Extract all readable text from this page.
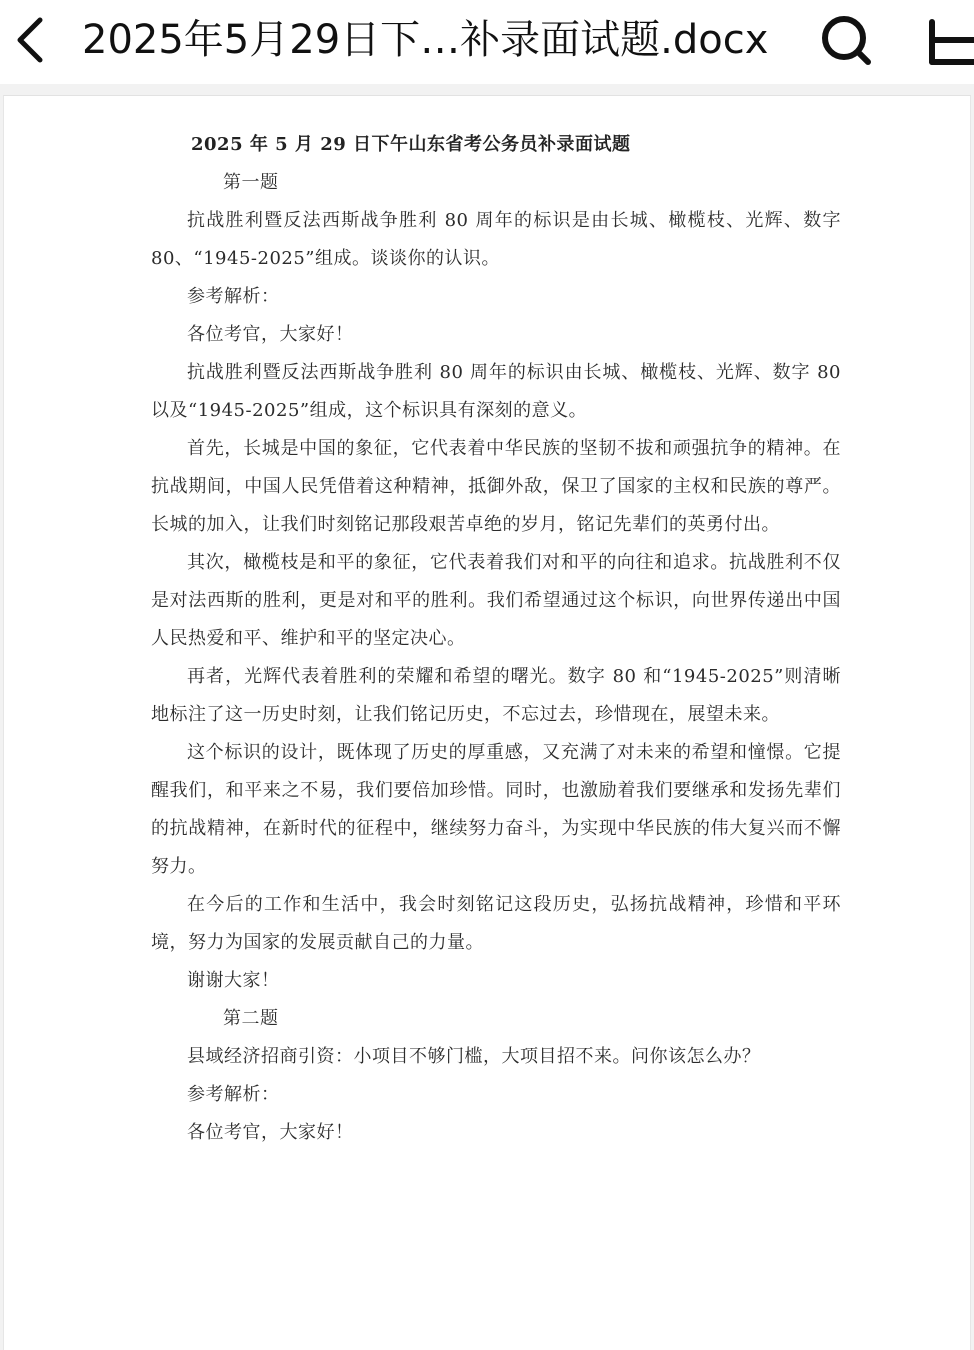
2025年5月29日下…补录面试题.docx

2025 年 5 月 29 日下午山东省考公务员补录面试题

第一题

抗战胜利暨反法西斯战争胜利 80 周年的标识是由长城、橄榄枝、光辉、数字 80、“1945-2025”组成。谈谈你的认识。

参考解析：

各位考官，大家好！

抗战胜利暨反法西斯战争胜利 80 周年的标识由长城、橄榄枝、光辉、数字 80 以及“1945-2025”组成，这个标识具有深刻的意义。

首先，长城是中国的象征，它代表着中华民族的坚韧不拔和顽强抗争的精神。在抗战期间，中国人民凭借着这种精神，抵御外敌，保卫了国家的主权和民族的尊严。长城的加入，让我们时刻铭记那段艰苦卓绝的岁月，铭记先辈们的英勇付出。

其次，橄榄枝是和平的象征，它代表着我们对和平的向往和追求。抗战胜利不仅是对法西斯的胜利，更是对和平的胜利。我们希望通过这个标识，向世界传递出中国人民热爱和平、维护和平的坚定决心。

再者，光辉代表着胜利的荣耀和希望的曙光。数字 80 和“1945-2025”则清晰地标注了这一历史时刻，让我们铭记历史，不忘过去，珍惜现在，展望未来。

这个标识的设计，既体现了历史的厚重感，又充满了对未来的希望和憧憬。它提醒我们，和平来之不易，我们要倍加珍惜。同时，也激励着我们要继承和发扬先辈们的抗战精神，在新时代的征程中，继续努力奋斗，为实现中华民族的伟大复兴而不懈努力。

在今后的工作和生活中，我会时刻铭记这段历史，弘扬抗战精神，珍惜和平环境，努力为国家的发展贡献自己的力量。

谢谢大家！

第二题

县域经济招商引资：小项目不够门槛，大项目招不来。问你该怎么办？

参考解析：

各位考官，大家好！
